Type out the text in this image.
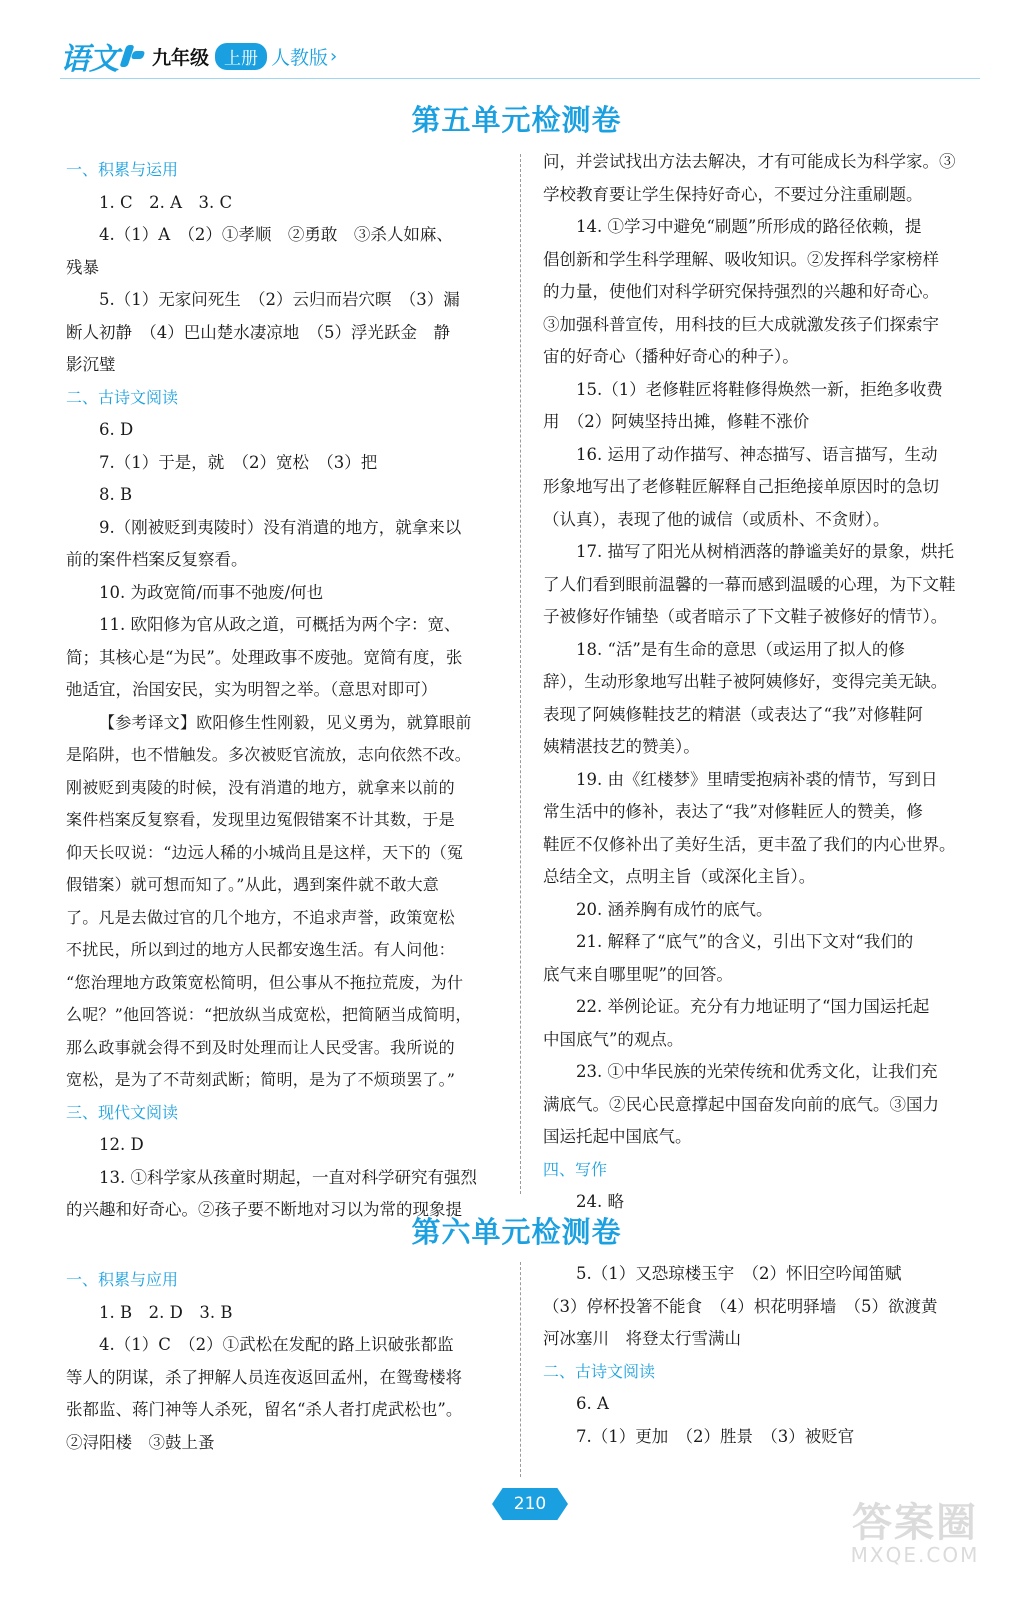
语文 九年级 上册 人教版 ›
第五单元检测卷

一、积累与运用

1. C　2. A　3. C

4.（1）A　（2）①孝顺　②勇敢　③杀人如麻、

残暴

5.（1）无家问死生　（2）云归而岩穴暝　（3）漏

断人初静　（4）巴山楚水凄凉地　（5）浮光跃金　静

影沉璧

二、古诗文阅读

6. D

7.（1）于是，就　（2）宽松　（3）把

8. B

9.（刚被贬到夷陵时）没有消遣的地方，就拿来以

前的案件档案反复察看。

10. 为政宽简/而事不弛废/何也

11. 欧阳修为官从政之道，可概括为两个字：宽、

简；其核心是“为民”。处理政事不废弛。宽简有度，张

弛适宜，治国安民，实为明智之举。（意思对即可）

【参考译文】欧阳修生性刚毅，见义勇为，就算眼前

是陷阱，也不惜触发。多次被贬官流放，志向依然不改。

刚被贬到夷陵的时候，没有消遣的地方，就拿来以前的

案件档案反复察看，发现里边冤假错案不计其数，于是

仰天长叹说：“边远人稀的小城尚且是这样，天下的（冤

假错案）就可想而知了。”从此，遇到案件就不敢大意

了。凡是去做过官的几个地方，不追求声誉，政策宽松

不扰民，所以到过的地方人民都安逸生活。有人问他：

“您治理地方政策宽松简明，但公事从不拖拉荒废，为什

么呢？”他回答说：“把放纵当成宽松，把简陋当成简明，

那么政事就会得不到及时处理而让人民受害。我所说的

宽松，是为了不苛刻武断；简明，是为了不烦琐罢了。”

三、现代文阅读

12. D

13. ①科学家从孩童时期起，一直对科学研究有强烈

的兴趣和好奇心。②孩子要不断地对习以为常的现象提

问，并尝试找出方法去解决，才有可能成长为科学家。③

学校教育要让学生保持好奇心，不要过分注重刷题。

14. ①学习中避免“刷题”所形成的路径依赖，提

倡创新和学生科学理解、吸收知识。②发挥科学家榜样

的力量，使他们对科学研究保持强烈的兴趣和好奇心。

③加强科普宣传，用科技的巨大成就激发孩子们探索宇

宙的好奇心（播种好奇心的种子）。

15.（1）老修鞋匠将鞋修得焕然一新，拒绝多收费

用　（2）阿姨坚持出摊，修鞋不涨价

16. 运用了动作描写、神态描写、语言描写，生动

形象地写出了老修鞋匠解释自己拒绝接单原因时的急切

（认真），表现了他的诚信（或质朴、不贪财）。

17. 描写了阳光从树梢洒落的静谧美好的景象，烘托

了人们看到眼前温馨的一幕而感到温暖的心理，为下文鞋

子被修好作铺垫（或者暗示了下文鞋子被修好的情节）。

18. “活”是有生命的意思（或运用了拟人的修

辞），生动形象地写出鞋子被阿姨修好，变得完美无缺。

表现了阿姨修鞋技艺的精湛（或表达了“我”对修鞋阿

姨精湛技艺的赞美）。

19. 由《红楼梦》里晴雯抱病补裘的情节，写到日

常生活中的修补，表达了“我”对修鞋匠人的赞美，修

鞋匠不仅修补出了美好生活，更丰盈了我们的内心世界。

总结全文，点明主旨（或深化主旨）。

20. 涵养胸有成竹的底气。

21. 解释了“底气”的含义，引出下文对“我们的

底气来自哪里呢”的回答。

22. 举例论证。充分有力地证明了“国力国运托起

中国底气”的观点。

23. ①中华民族的光荣传统和优秀文化，让我们充

满底气。②民心民意撑起中国奋发向前的底气。③国力

国运托起中国底气。

四、写作

24. 略

第六单元检测卷

一、积累与应用

1. B　2. D　3. B

4.（1）C　（2）①武松在发配的路上识破张都监

等人的阴谋，杀了押解人员连夜返回孟州，在鸳鸯楼将

张都监、蒋门神等人杀死，留名“杀人者打虎武松也”。

②浔阳楼　③鼓上蚤

5.（1）又恐琼楼玉宇　（2）怀旧空吟闻笛赋

（3）停杯投箸不能食　（4）枳花明驿墙　（5）欲渡黄

河冰塞川　将登太行雪满山

二、古诗文阅读

6. A

7.（1）更加　（2）胜景　（3）被贬官

210	答案圈
MXQE.COM
